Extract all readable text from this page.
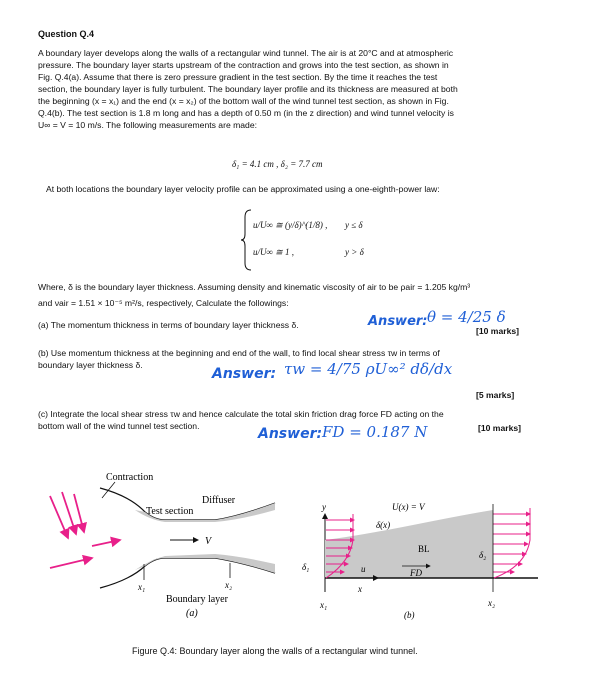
Question Q.4
A boundary layer develops along the walls of a rectangular wind tunnel. The air is at 20°C and at atmospheric
pressure. The boundary layer starts upstream of the contraction and grows into the test section, as shown in
Fig. Q.4(a). Assume that there is zero pressure gradient in the test section. By the time it reaches the test
section, the boundary layer is fully turbulent. The boundary layer profile and its thickness are measured at both
the beginning (x = x₁) and the end (x = x₂) of the bottom wall of the wind tunnel test section, as shown in Fig.
Q.4(b). The test section is 1.8 m long and has a depth of 0.50 m (in the z direction) and wind tunnel velocity is
U∞ = V = 10 m/s. The following measurements are made:
δ₁ = 4.1 cm , δ₂ = 7.7 cm
At both locations the boundary layer velocity profile can be approximated using a one-eighth-power law:
u/U∞ ≅ (y/δ)^(1/8) , y ≤ δ
u/U∞ ≅ 1 ,	y > δ
Where, δ is the boundary layer thickness. Assuming density and kinematic viscosity of air to be ρair = 1.205 kg/m³
and νair = 1.51 × 10⁻⁵ m²/s, respectively, Calculate the followings:
(a) The momentum thickness in terms of boundary layer thickness δ.	Answer: θ = 4/25 δ
[10 marks]
(b) Use momentum thickness at the beginning and end of the wall, to find local shear stress τw in terms of
boundary layer thickness δ.
Answer: τw = 4/75 ρU∞² dδ/dx
[5 marks]
(c) Integrate the local shear stress τw and hence calculate the total skin friction drag force FD acting on the
bottom wall of the wind tunnel test section.	Answer: FD = 0.187 N	[10 marks]
Contraction
Diffuser
Test section
V
x₁	x₂
Boundary layer
(a)
y
x
U(x) = V
δ(x)
BL
FD
δ₂
δ₁	u
x₁	x₂
(b)
Figure Q.4: Boundary layer along the walls of a rectangular wind tunnel.
